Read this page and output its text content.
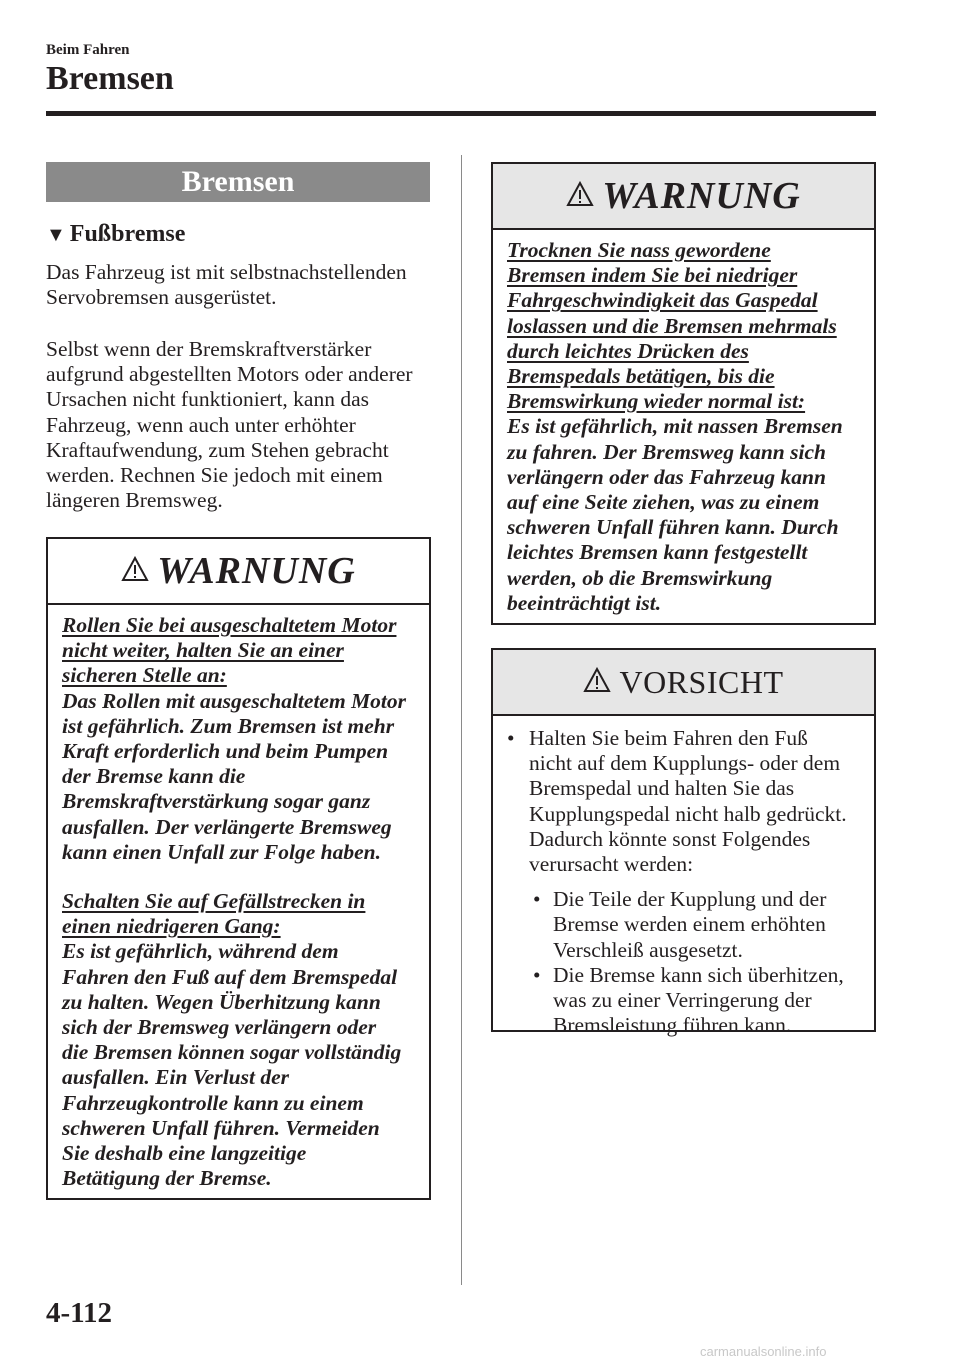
Beim Fahren
Bremsen
Bremsen
▼ Fußbremse
Das Fahrzeug ist mit selbstnachstellenden
Servobremsen ausgerüstet.
Selbst wenn der Bremskraftverstärker
aufgrund abgestellten Motors oder anderer
Ursachen nicht funktioniert, kann das
Fahrzeug, wenn auch unter erhöhter
Kraftaufwendung, zum Stehen gebracht
werden. Rechnen Sie jedoch mit einem
längeren Bremsweg.
WARNUNG
Rollen Sie bei ausgeschaltetem Motor
nicht weiter, halten Sie an einer
sicheren Stelle an:
Das Rollen mit ausgeschaltetem Motor
ist gefährlich. Zum Bremsen ist mehr
Kraft erforderlich und beim Pumpen
der Bremse kann die
Bremskraftverstärkung sogar ganz
ausfallen. Der verlängerte Bremsweg
kann einen Unfall zur Folge haben.
Schalten Sie auf Gefällstrecken in
einen niedrigeren Gang:
Es ist gefährlich, während dem
Fahren den Fuß auf dem Bremspedal
zu halten. Wegen Überhitzung kann
sich der Bremsweg verlängern oder
die Bremsen können sogar vollständig
ausfallen. Ein Verlust der
Fahrzeugkontrolle kann zu einem
schweren Unfall führen. Vermeiden
Sie deshalb eine langzeitige
Betätigung der Bremse.
WARNUNG
Trocknen Sie nass gewordene
Bremsen indem Sie bei niedriger
Fahrgeschwindigkeit das Gaspedal
loslassen und die Bremsen mehrmals
durch leichtes Drücken des
Bremspedals betätigen, bis die
Bremswirkung wieder normal ist:
Es ist gefährlich, mit nassen Bremsen
zu fahren. Der Bremsweg kann sich
verlängern oder das Fahrzeug kann
auf eine Seite ziehen, was zu einem
schweren Unfall führen kann. Durch
leichtes Bremsen kann festgestellt
werden, ob die Bremswirkung
beeinträchtigt ist.
VORSICHT
• Halten Sie beim Fahren den Fuß
nicht auf dem Kupplungs- oder dem
Bremspedal und halten Sie das
Kupplungspedal nicht halb gedrückt.
Dadurch könnte sonst Folgendes
verursacht werden:
• Die Teile der Kupplung und der
Bremse werden einem erhöhten
Verschleiß ausgesetzt.
• Die Bremse kann sich überhitzen,
was zu einer Verringerung der
Bremsleistung führen kann.
4-112
carmanualsonline.info
